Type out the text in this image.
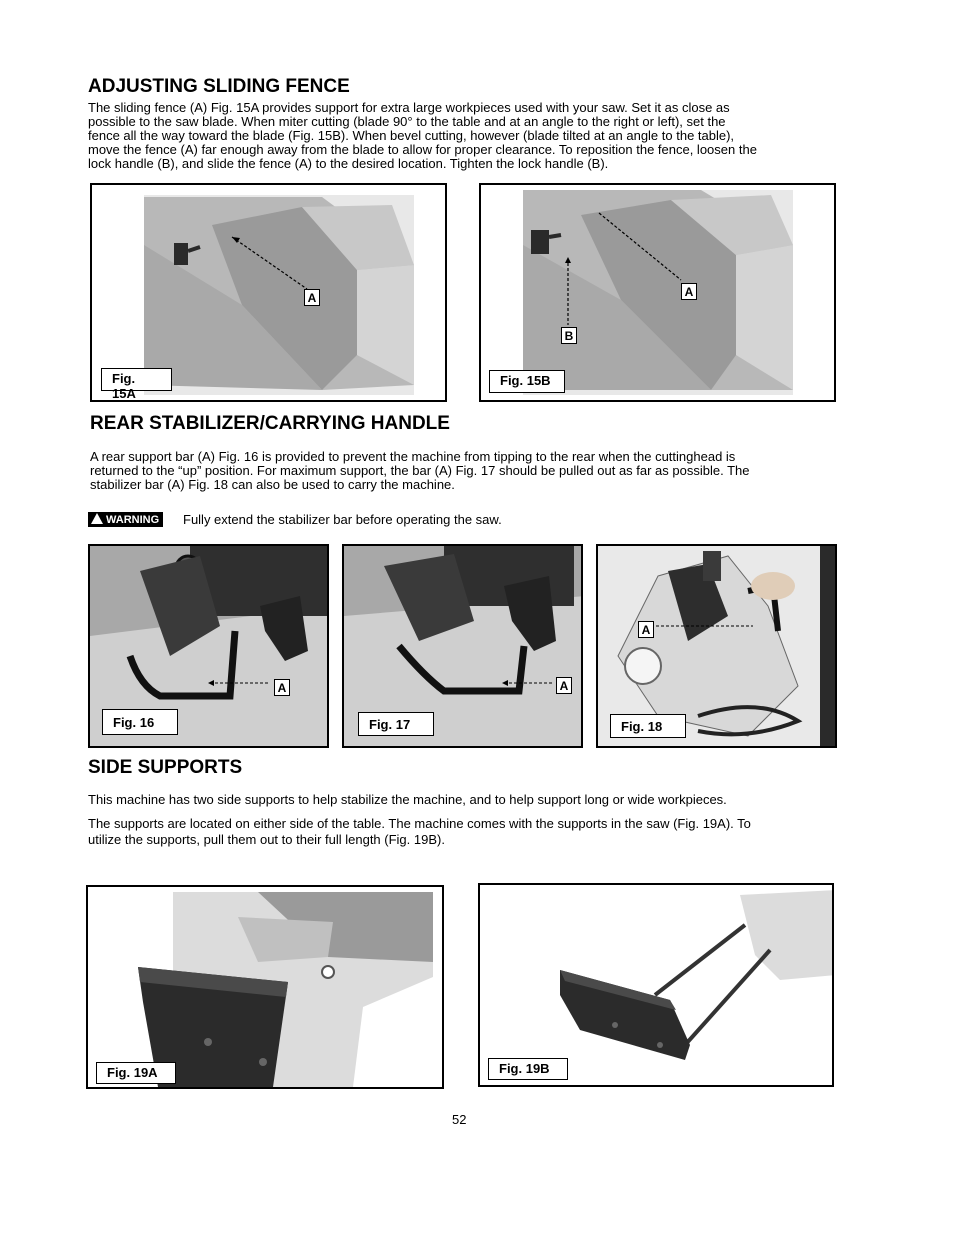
ADJUSTING SLIDING FENCE

The sliding fence (A) Fig. 15A provides support for extra large workpieces used with your saw. Set it as close as

possible to the saw blade. When miter cutting (blade 90° to the table and at an angle to the right or left), set the

fence all the way toward the blade (Fig. 15B). When bevel cutting, however (blade tilted at an angle to the table),

move the fence (A) far enough away from the blade to allow for proper clearance. To reposition the fence, loosen the

lock handle (B), and slide the fence (A) to the desired location. Tighten the lock handle (B).

A
Fig. 15A
A
B
Fig. 15B
REAR STABILIZER/CARRYING HANDLE

A rear support bar (A) Fig. 16 is provided to prevent the machine from tipping to the rear when the cuttinghead is

returned to the “up” position. For maximum support, the bar (A) Fig. 17 should be pulled out as far as possible. The

stabilizer bar (A) Fig. 18 can also be used to carry the machine.

WARNING	Fully extend the stabilizer bar before operating the saw.

A
Fig. 16
A
Fig. 17
A
Fig. 18
SIDE SUPPORTS

This machine has two side supports to help stabilize the machine, and to help support long or wide workpieces.

The supports are located on either side of the table. The machine comes with the supports in the saw (Fig. 19A). To

utilize the supports, pull them out to their full length (Fig. 19B).

Fig. 19A	Fig. 19B
52
